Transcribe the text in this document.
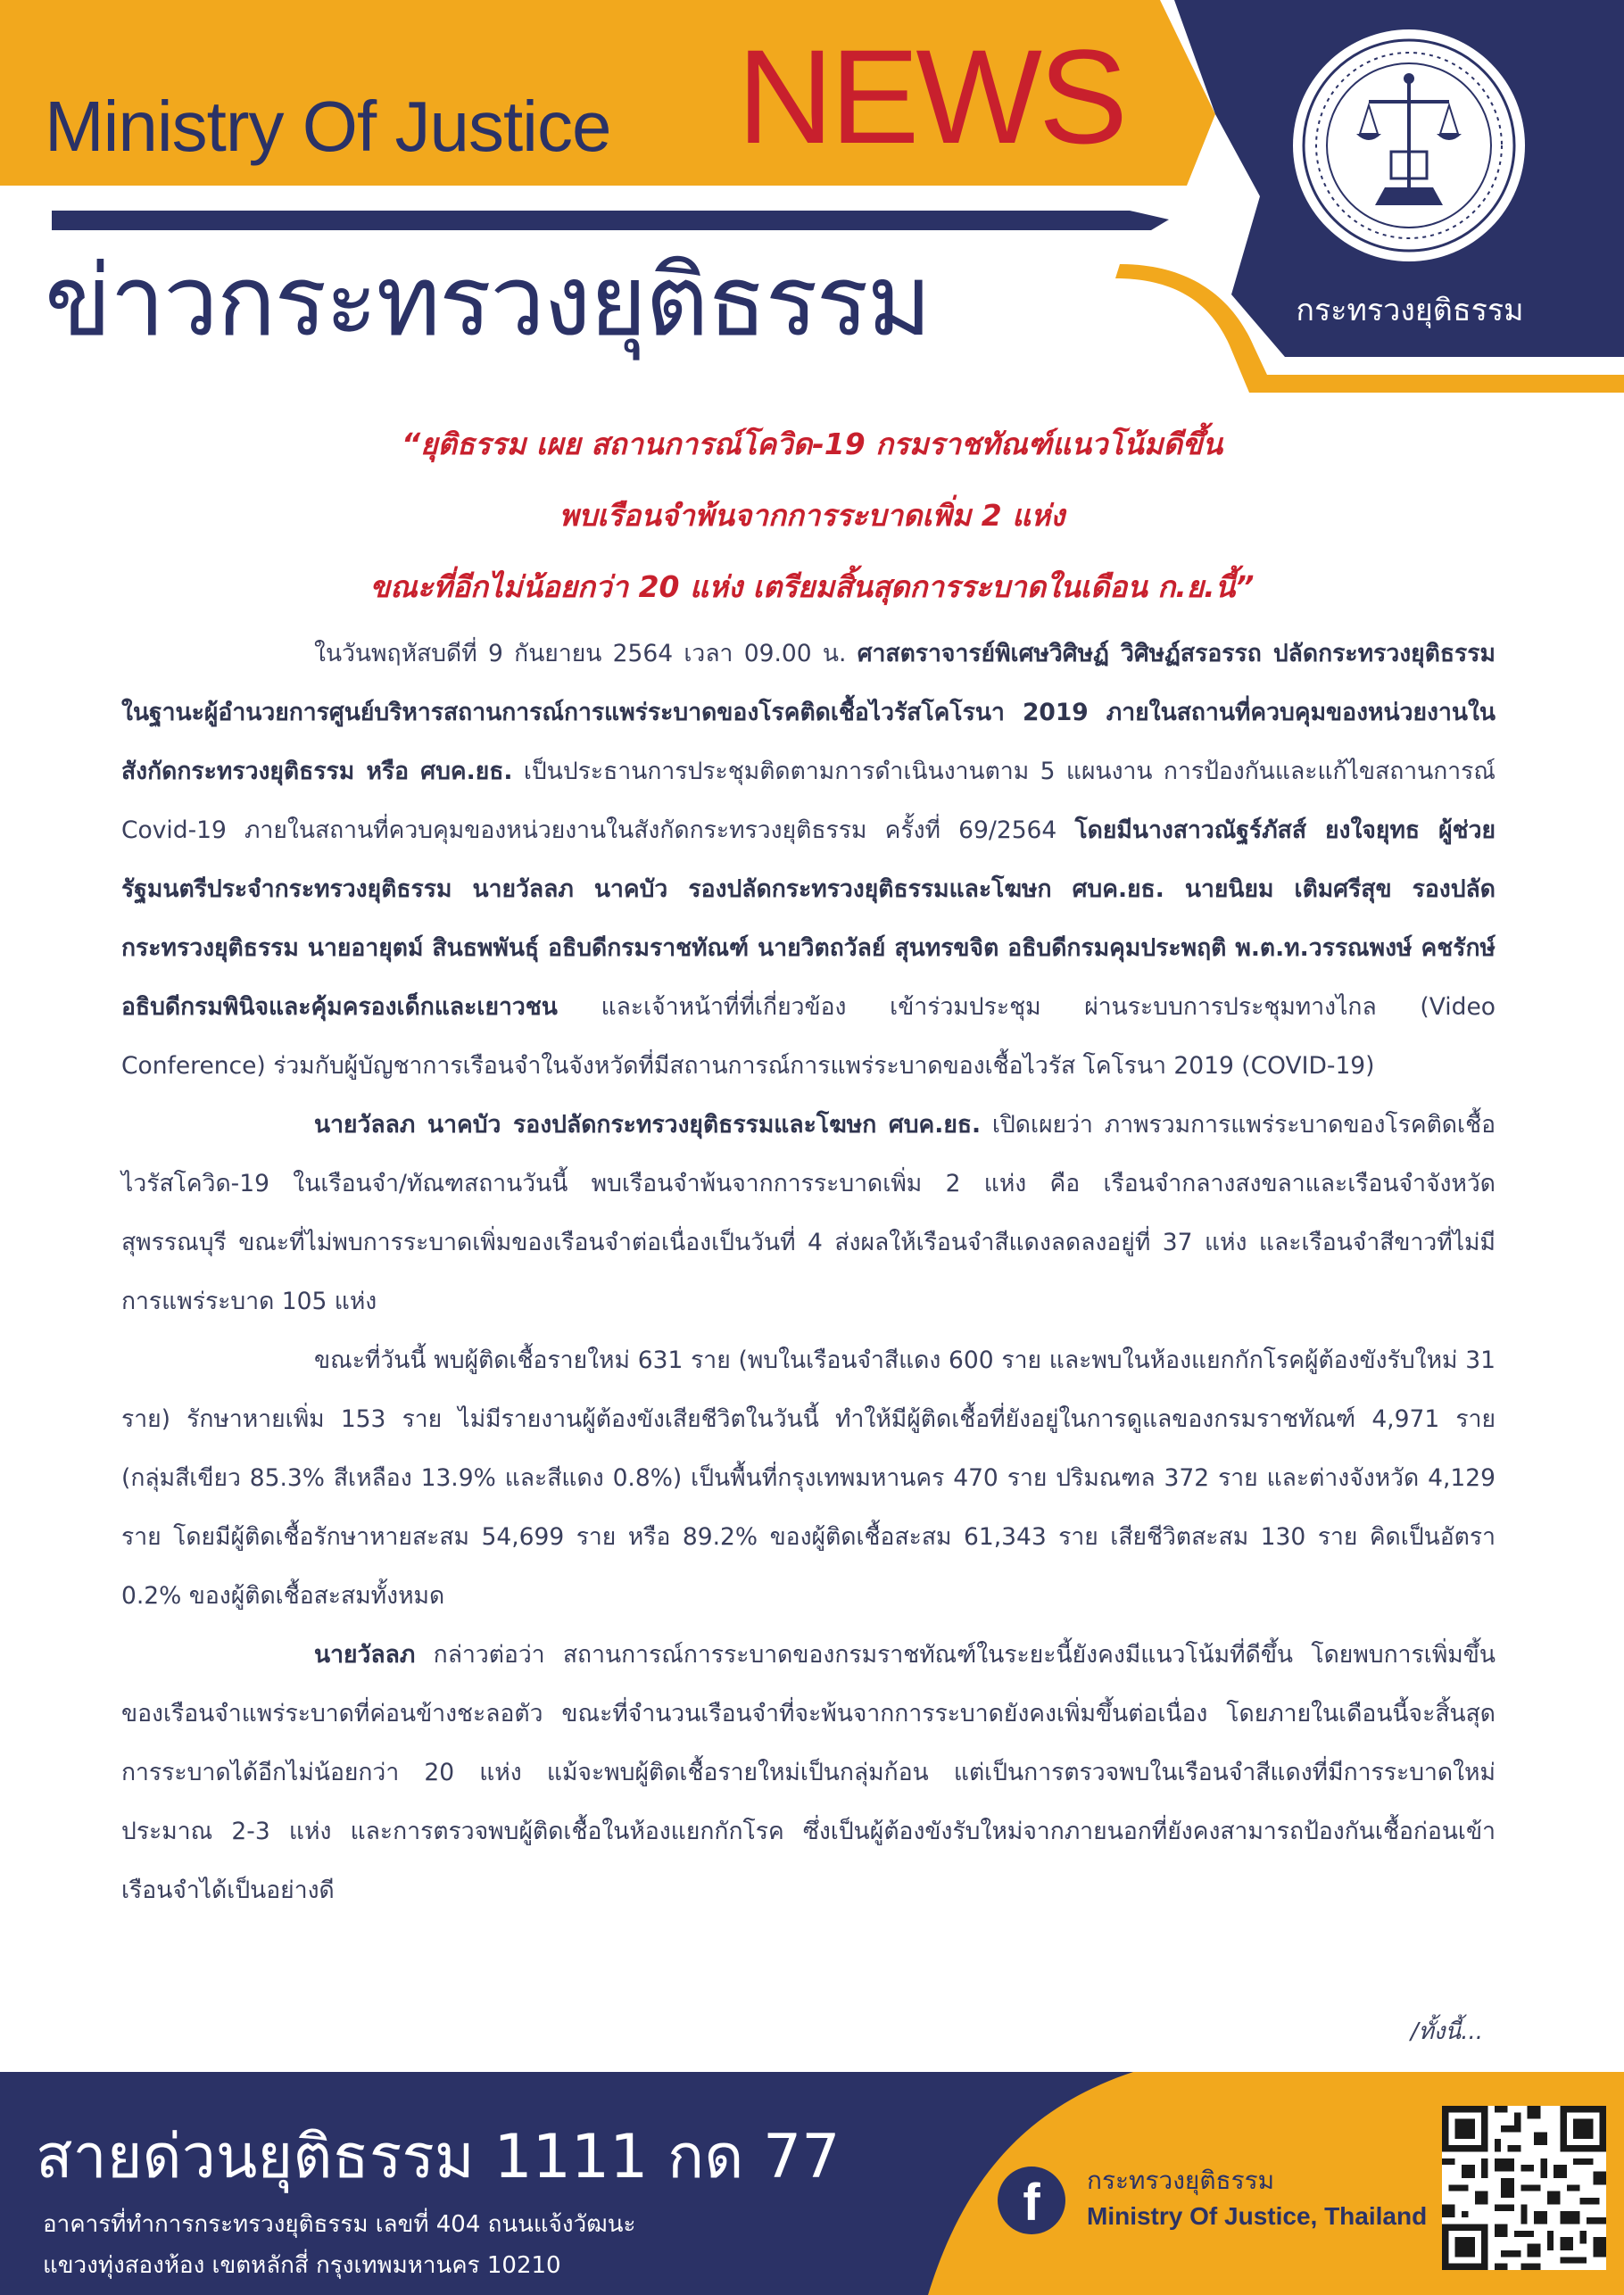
Ministry Of Justice NEWS
ข่าวกระทรวงยุติธรรม	กระทรวงยุติธรรม
“ยุติธรรม เผย สถานการณ์โควิด-19 กรมราชทัณฑ์แนวโน้มดีขึ้น
พบเรือนจำพ้นจากการระบาดเพิ่ม 2 แห่ง
ขณะที่อีกไม่น้อยกว่า 20 แห่ง เตรียมสิ้นสุดการระบาดในเดือน ก.ย.นี้”

ในวันพฤหัสบดีที่ 9 กันยายน 2564 เวลา 09.00 น. ศาสตราจารย์พิเศษวิศิษฏ์ วิศิษฏ์สรอรรถ ปลัดกระทรวงยุติธรรม ในฐานะผู้อำนวยการศูนย์บริหารสถานการณ์การแพร่ระบาดของโรคติดเชื้อไวรัสโคโรนา 2019 ภายในสถานที่ควบคุมของหน่วยงานในสังกัดกระทรวงยุติธรรม หรือ ศบค.ยธ. เป็นประธานการประชุมติดตามการดำเนินงานตาม 5 แผนงาน การป้องกันและแก้ไขสถานการณ์ Covid-19 ภายในสถานที่ควบคุมของหน่วยงานในสังกัดกระทรวงยุติธรรม ครั้งที่ 69/2564 โดยมีนางสาวณัฐร์ภัสส์ ยงใจยุทธ ผู้ช่วยรัฐมนตรีประจำกระทรวงยุติธรรม นายวัลลภ นาคบัว รองปลัดกระทรวงยุติธรรมและโฆษก ศบค.ยธ. นายนิยม เติมศรีสุข รองปลัดกระทรวงยุติธรรม นายอายุตม์ สินธพพันธุ์ อธิบดีกรมราชทัณฑ์ นายวิตถวัลย์ สุนทรขจิต อธิบดีกรมคุมประพฤติ พ.ต.ท.วรรณพงษ์ คชรักษ์ อธิบดีกรมพินิจและคุ้มครองเด็กและเยาวชน และเจ้าหน้าที่ที่เกี่ยวข้อง เข้าร่วมประชุม ผ่านระบบการประชุมทางไกล (Video Conference) ร่วมกับผู้บัญชาการเรือนจำในจังหวัดที่มีสถานการณ์การแพร่ระบาดของเชื้อไวรัส โคโรนา 2019 (COVID-19)

นายวัลลภ นาคบัว รองปลัดกระทรวงยุติธรรมและโฆษก ศบค.ยธ. เปิดเผยว่า ภาพรวมการแพร่ระบาดของโรคติดเชื้อไวรัสโควิด-19 ในเรือนจำ/ทัณฑสถานวันนี้ พบเรือนจำพ้นจากการระบาดเพิ่ม 2 แห่ง คือ เรือนจำกลางสงขลาและเรือนจำจังหวัดสุพรรณบุรี ขณะที่ไม่พบการระบาดเพิ่มของเรือนจำต่อเนื่องเป็นวันที่ 4 ส่งผลให้เรือนจำสีแดงลดลงอยู่ที่ 37 แห่ง และเรือนจำสีขาวที่ไม่มีการแพร่ระบาด 105 แห่ง

ขณะที่วันนี้ พบผู้ติดเชื้อรายใหม่ 631 ราย (พบในเรือนจำสีแดง 600 ราย และพบในห้องแยกกักโรคผู้ต้องขังรับใหม่ 31 ราย) รักษาหายเพิ่ม 153 ราย ไม่มีรายงานผู้ต้องขังเสียชีวิตในวันนี้ ทำให้มีผู้ติดเชื้อที่ยังอยู่ในการดูแลของกรมราชทัณฑ์ 4,971 ราย (กลุ่มสีเขียว 85.3% สีเหลือง 13.9% และสีแดง 0.8%) เป็นพื้นที่กรุงเทพมหานคร 470 ราย ปริมณฑล 372 ราย และต่างจังหวัด 4,129 ราย โดยมีผู้ติดเชื้อรักษาหายสะสม 54,699 ราย หรือ 89.2% ของผู้ติดเชื้อสะสม 61,343 ราย เสียชีวิตสะสม 130 ราย คิดเป็นอัตรา 0.2% ของผู้ติดเชื้อสะสมทั้งหมด

นายวัลลภ กล่าวต่อว่า สถานการณ์การระบาดของกรมราชทัณฑ์ในระยะนี้ยังคงมีแนวโน้มที่ดีขึ้น โดยพบการเพิ่มขึ้นของเรือนจำแพร่ระบาดที่ค่อนข้างชะลอตัว ขณะที่จำนวนเรือนจำที่จะพ้นจากการระบาดยังคงเพิ่มขึ้นต่อเนื่อง โดยภายในเดือนนี้จะสิ้นสุดการระบาดได้อีกไม่น้อยกว่า 20 แห่ง แม้จะพบผู้ติดเชื้อรายใหม่เป็นกลุ่มก้อน แต่เป็นการตรวจพบในเรือนจำสีแดงที่มีการระบาดใหม่ประมาณ 2-3 แห่ง และการตรวจพบผู้ติดเชื้อในห้องแยกกักโรค ซึ่งเป็นผู้ต้องขังรับใหม่จากภายนอกที่ยังคงสามารถป้องกันเชื้อก่อนเข้าเรือนจำได้เป็นอย่างดี

/ทั้งนี้...
สายด่วนยุติธรรม 1111 กด 77
อาคารที่ทำการกระทรวงยุติธรรม เลขที่ 404 ถนนแจ้งวัฒนะ
แขวงทุ่งสองห้อง เขตหลักสี่ กรุงเทพมหานคร 10210
f	กระทรวงยุติธรรม
Ministry Of Justice, Thailand
